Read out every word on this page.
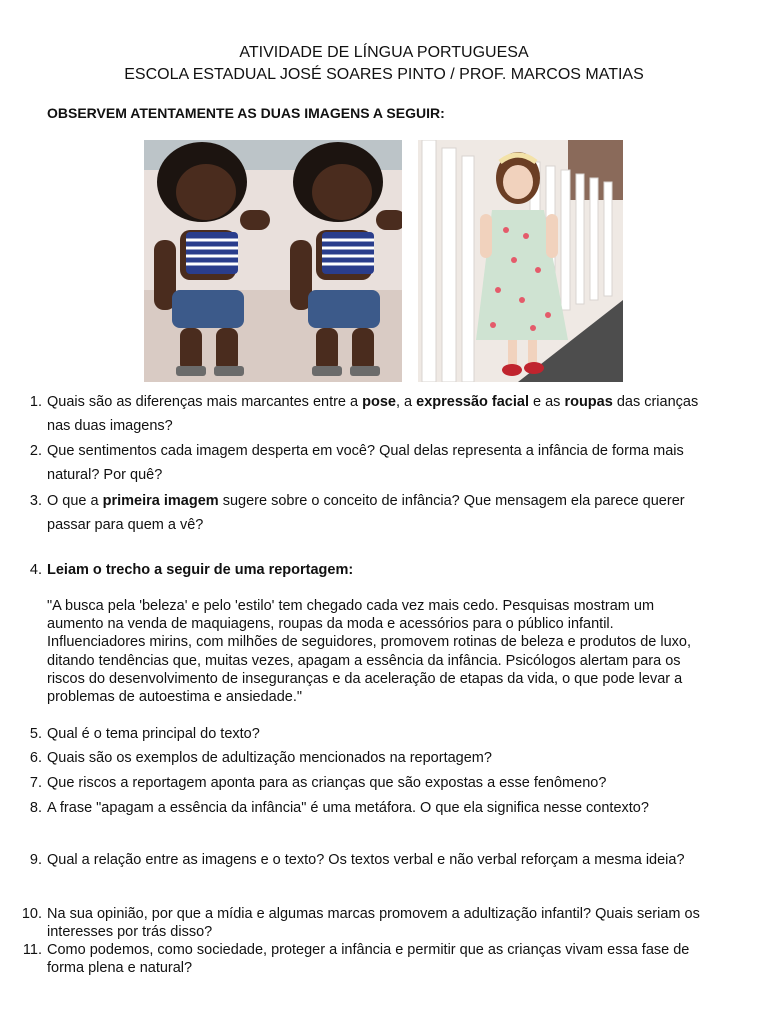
ATIVIDADE DE LÍNGUA PORTUGUESA
ESCOLA ESTADUAL JOSÉ SOARES PINTO / PROF. MARCOS MATIAS
OBSERVEM ATENTAMENTE AS DUAS IMAGENS A SEGUIR:
1. Quais são as diferenças mais marcantes entre a pose, a expressão facial e as roupas das crianças nas duas imagens?
2. Que sentimentos cada imagem desperta em você? Qual delas representa a infância de forma mais natural? Por quê?
3. O que a primeira imagem sugere sobre o conceito de infância? Que mensagem ela parece querer passar para quem a vê?
4. Leiam o trecho a seguir de uma reportagem:
"A busca pela 'beleza' e pelo 'estilo' tem chegado cada vez mais cedo. Pesquisas mostram um aumento na venda de maquiagens, roupas da moda e acessórios para o público infantil. Influenciadores mirins, com milhões de seguidores, promovem rotinas de beleza e produtos de luxo, ditando tendências que, muitas vezes, apagam a essência da infância. Psicólogos alertam para os riscos do desenvolvimento de inseguranças e da aceleração de etapas da vida, o que pode levar a problemas de autoestima e ansiedade."
5. Qual é o tema principal do texto?
6. Quais são os exemplos de adultização mencionados na reportagem?
7. Que riscos a reportagem aponta para as crianças que são expostas a esse fenômeno?
8. A frase "apagam a essência da infância" é uma metáfora. O que ela significa nesse contexto?
9. Qual a relação entre as imagens e o texto? Os textos verbal e não verbal reforçam a mesma ideia?
10. Na sua opinião, por que a mídia e algumas marcas promovem a adultização infantil? Quais seriam os interesses por trás disso?
11. Como podemos, como sociedade, proteger a infância e permitir que as crianças vivam essa fase de forma plena e natural?
